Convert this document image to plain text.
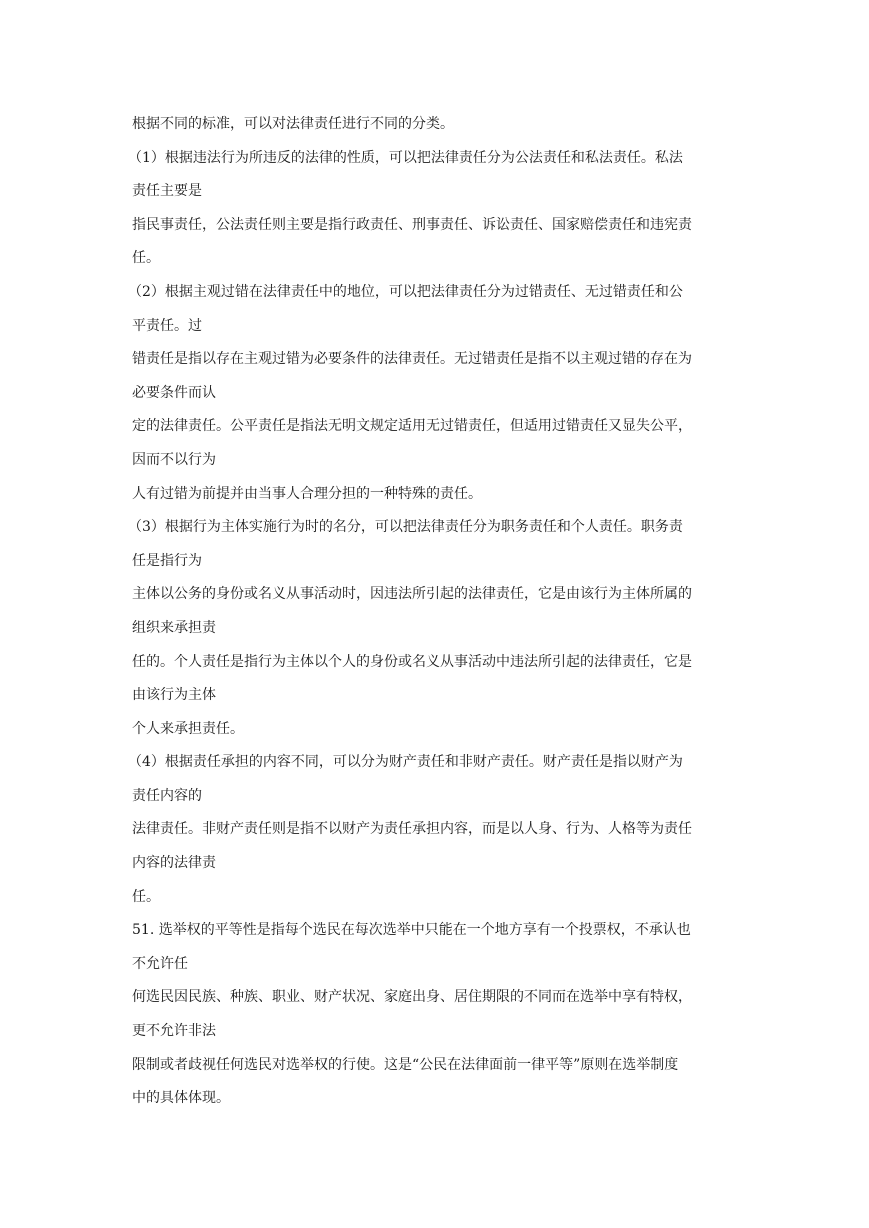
根据不同的标准，可以对法律责任进行不同的分类。
（1）根据违法行为所违反的法律的性质，可以把法律责任分为公法责任和私法责任。私法
责任主要是
指民事责任，公法责任则主要是指行政责任、刑事责任、诉讼责任、国家赔偿责任和违宪责
任。
（2）根据主观过错在法律责任中的地位，可以把法律责任分为过错责任、无过错责任和公
平责任。过
错责任是指以存在主观过错为必要条件的法律责任。无过错责任是指不以主观过错的存在为
必要条件而认
定的法律责任。公平责任是指法无明文规定适用无过错责任，但适用过错责任又显失公平，
因而不以行为
人有过错为前提并由当事人合理分担的一种特殊的责任。
（3）根据行为主体实施行为时的名分，可以把法律责任分为职务责任和个人责任。职务责
任是指行为
主体以公务的身份或名义从事活动时，因违法所引起的法律责任，它是由该行为主体所属的
组织来承担责
任的。个人责任是指行为主体以个人的身份或名义从事活动中违法所引起的法律责任，它是
由该行为主体
个人来承担责任。
（4）根据责任承担的内容不同，可以分为财产责任和非财产责任。财产责任是指以财产为
责任内容的
法律责任。非财产责任则是指不以财产为责任承担内容，而是以人身、行为、人格等为责任
内容的法律责
任。
51. 选举权的平等性是指每个选民在每次选举中只能在一个地方享有一个投票权，不承认也
不允许任
何选民因民族、种族、职业、财产状况、家庭出身、居住期限的不同而在选举中享有特权，
更不允许非法
限制或者歧视任何选民对选举权的行使。这是“公民在法律面前一律平等”原则在选举制度
中的具体体现。
